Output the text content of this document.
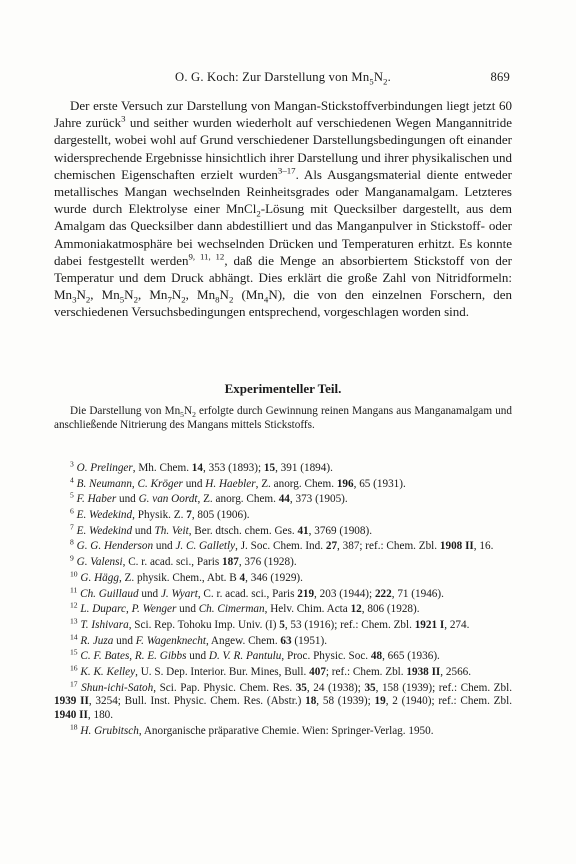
O. G. Koch: Zur Darstellung von $Mn_5N_2$.	869

Der erste Versuch zur Darstellung von Mangan-Stickstoffverbindungen liegt jetzt 60 Jahre zurück$^3$ und seither wurden wiederholt auf verschiedenen Wegen Mangannitride dargestellt, wobei wohl auf Grund verschiedener Darstellungsbedingungen oft einander widersprechende Ergebnisse hinsichtlich ihrer Darstellung und ihrer physikalischen und chemischen Eigenschaften erzielt wurden$^{3-17}$. Als Ausgangsmaterial diente entweder metallisches Mangan wechselnden Reinheitsgrades oder Manganamalgam. Letzteres wurde durch Elektrolyse einer MnCl$_2$-Lösung mit Quecksilber dargestellt, aus dem Amalgam das Quecksilber dann abdestilliert und das Manganpulver in Stickstoff- oder Ammoniakatmosphäre bei wechselnden Drücken und Temperaturen erhitzt. Es konnte dabei festgestellt werden$^{9, 11, 12}$, daß die Menge an absorbiertem Stickstoff von der Temperatur und dem Druck abhängt. Dies erklärt die große Zahl von Nitridformeln: $Mn_3N_2$, $Mn_5N_2$, $Mn_7N_2$, $Mn_8N_2$ $(Mn_4N)$, die von den einzelnen Forschern, den verschiedenen Versuchsbedingungen entsprechend, vorgeschlagen worden sind.

Experimenteller Teil.

Die Darstellung von $Mn_5N_2$ erfolgte durch Gewinnung reinen Mangans aus Manganamalgam und anschließende Nitrierung des Mangans mittels Stickstoffs.

$^3$ O. Prelinger, Mh. Chem. 14, 353 (1893); 15, 391 (1894).

$^4$ B. Neumann, C. Kröger und H. Haebler, Z. anorg. Chem. 196, 65 (1931).

$^5$ F. Haber und G. van Oordt, Z. anorg. Chem. 44, 373 (1905).

$^6$ E. Wedekind, Physik. Z. 7, 805 (1906).

$^7$ E. Wedekind und Th. Veit, Ber. dtsch. chem. Ges. 41, 3769 (1908).

$^8$ G. G. Henderson und J. C. Galletly, J. Soc. Chem. Ind. 27, 387; ref.: Chem. Zbl. 1908 II, 16.

$^9$ G. Valensi, C. r. acad. sci., Paris 187, 376 (1928).

$^{10}$ G. Hägg, Z. physik. Chem., Abt. B 4, 346 (1929).

$^{11}$ Ch. Guillaud und J. Wyart, C. r. acad. sci., Paris 219, 203 (1944); 222, 71 (1946).

$^{12}$ L. Duparc, P. Wenger und Ch. Cimerman, Helv. Chim. Acta 12, 806 (1928).

$^{13}$ T. Ishivara, Sci. Rep. Tohoku Imp. Univ. (I) 5, 53 (1916); ref.: Chem. Zbl. 1921 I, 274.

$^{14}$ R. Juza und F. Wagenknecht, Angew. Chem. 63 (1951).

$^{15}$ C. F. Bates, R. E. Gibbs und D. V. R. Pantulu, Proc. Physic. Soc. 48, 665 (1936).

$^{16}$ K. K. Kelley, U. S. Dep. Interior. Bur. Mines, Bull. 407; ref.: Chem. Zbl. 1938 II, 2566.

$^{17}$ Shun-ichi-Satoh, Sci. Pap. Physic. Chem. Res. 35, 24 (1938); 35, 158 (1939); ref.: Chem. Zbl. 1939 II, 3254; Bull. Inst. Physic. Chem. Res. (Abstr.) 18, 58 (1939); 19, 2 (1940); ref.: Chem. Zbl. 1940 II, 180.

$^{18}$ H. Grubitsch, Anorganische präparative Chemie. Wien: Springer-Verlag. 1950.
